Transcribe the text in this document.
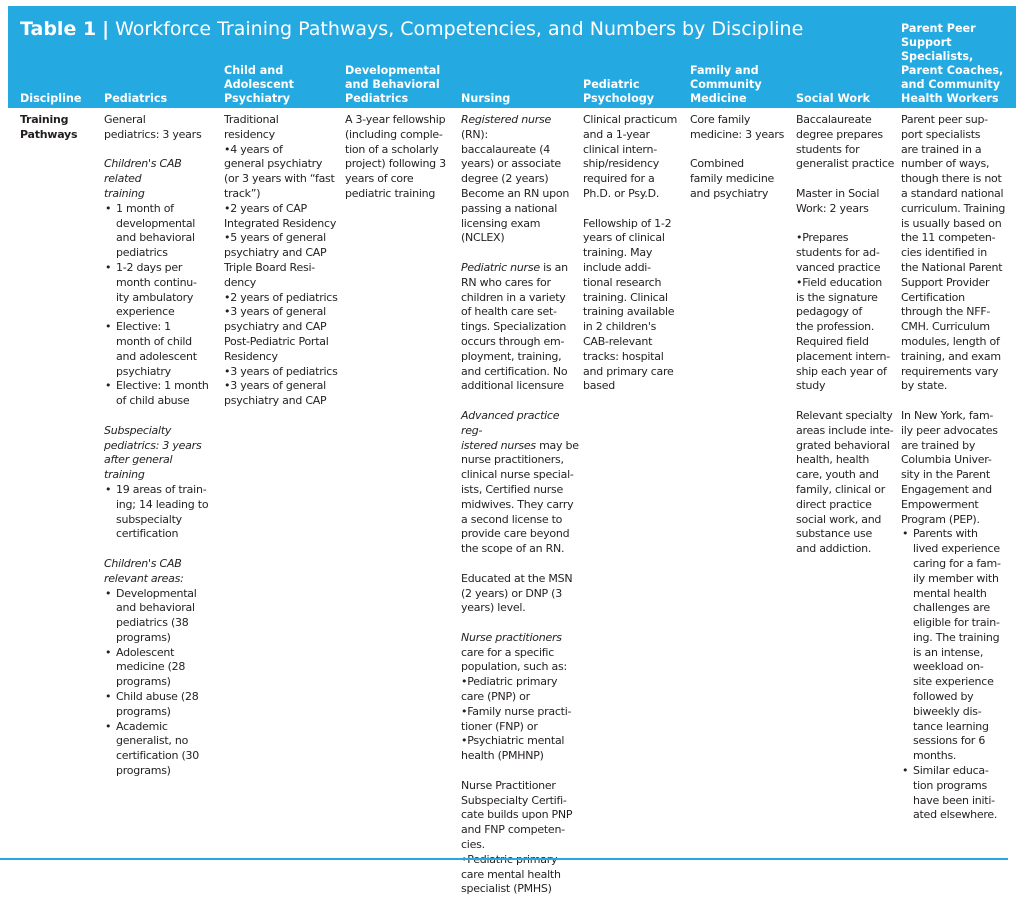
Table 1 | Workforce Training Pathways, Competencies, and Numbers by Discipline
Discipline Pediatrics
Child and
Adolescent
Psychiatry
Developmental
and Behavioral
Pediatrics	Nursing
Pediatric
Psychology
Family and
Community
Medicine	Social Work
Parent Peer
Support
Specialists,
Parent Coaches,
and Community
Health Workers
Training
Pathways
General
pediatrics: 3 years
Children's CAB related
training
• 1 month of
developmental
and behavioral
pediatrics
• 1-2 days per
month continu-
ity ambulatory
experience
• Elective: 1
month of child
and adolescent
psychiatry
• Elective: 1 month
of child abuse
Subspecialty
pediatrics: 3 years
after general
training
• 19 areas of train-
ing; 14 leading to
subspecialty
certification
Children's CAB
relevant areas:
• Developmental
and behavioral
pediatrics (38
programs)
• Adolescent
medicine (28
programs)
• Child abuse (28
programs)
• Academic
generalist, no
certification (30
programs)
Traditional
residency
•4 years of
general psychiatry
(or 3 years with “fast
track”)
•2 years of CAP
Integrated Residency
•5 years of general
psychiatry and CAP
Triple Board Resi-
dency
•2 years of pediatrics
•3 years of general
psychiatry and CAP
Post-Pediatric Portal
Residency
•3 years of pediatrics
•3 years of general
psychiatry and CAP
A 3-year fellowship
(including comple-
tion of a scholarly
project) following 3
years of core
pediatric training

Registered nurse (RN):

baccalaureate (4
years) or associate
degree (2 years)
Become an RN upon
passing a national
licensing exam
(NCLEX)

Pediatric nurse is an

RN who cares for
children in a variety
of health care set-
tings. Specialization
occurs through em-
ployment, training,
and certification. No
additional licensure

Advanced practice reg-

istered nurses may be

nurse practitioners,
clinical nurse special-
ists, Certified nurse
midwives. They carry
a second license to
provide care beyond
the scope of an RN.
Educated at the MSN
(2 years) or DNP (3
years) level.

Nurse practitioners

care for a specific
population, such as:
•Pediatric primary
care (PNP) or
•Family nurse practi-
tioner (FNP) or
•Psychiatric mental
health (PMHNP)
Nurse Practitioner
Subspecialty Certifi-
cate builds upon PNP
and FNP competen-
cies.
care mental health
specialist (PMHS)
Clinical practicum
and a 1-year
clinical intern-
ship/residency
required for a
Ph.D. or Psy.D.
Fellowship of 1-2
years of clinical
training. May
include addi-
tional research
training. Clinical
training available
in 2 children's
CAB-relevant
tracks: hospital
and primary care
based
Core family
medicine: 3 years
Combined
family medicine
and psychiatry
Baccalaureate
degree prepares
students for
generalist practice
Master in Social
Work: 2 years
•Prepares
students for ad-
vanced practice
•Field education
is the signature
pedagogy of
the profession.
Required field
placement intern-
ship each year of
study
Relevant specialty
areas include inte-
grated behavioral
health, health
care, youth and
family, clinical or
direct practice
social work, and
substance use
and addiction.
Parent peer sup-
port specialists
are trained in a
number of ways,
though there is not
a standard national
curriculum. Training
is usually based on
the 11 competen-
cies identified in
the National Parent
Support Provider
Certification
through the NFF-
CMH. Curriculum
modules, length of
training, and exam
requirements vary
by state.
In New York, fam-
ily peer advocates
are trained by
Columbia Univer-
sity in the Parent
Engagement and
Empowerment
Program (PEP).
• Parents with
lived experience
caring for a fam-
ily member with
mental health
challenges are
eligible for train-
ing. The training
is an intense,
weekload on-
site experience
followed by
biweekly dis-
tance learning
sessions for 6
months.
• Similar educa-
tion programs
have been initi-
ated elsewhere.
